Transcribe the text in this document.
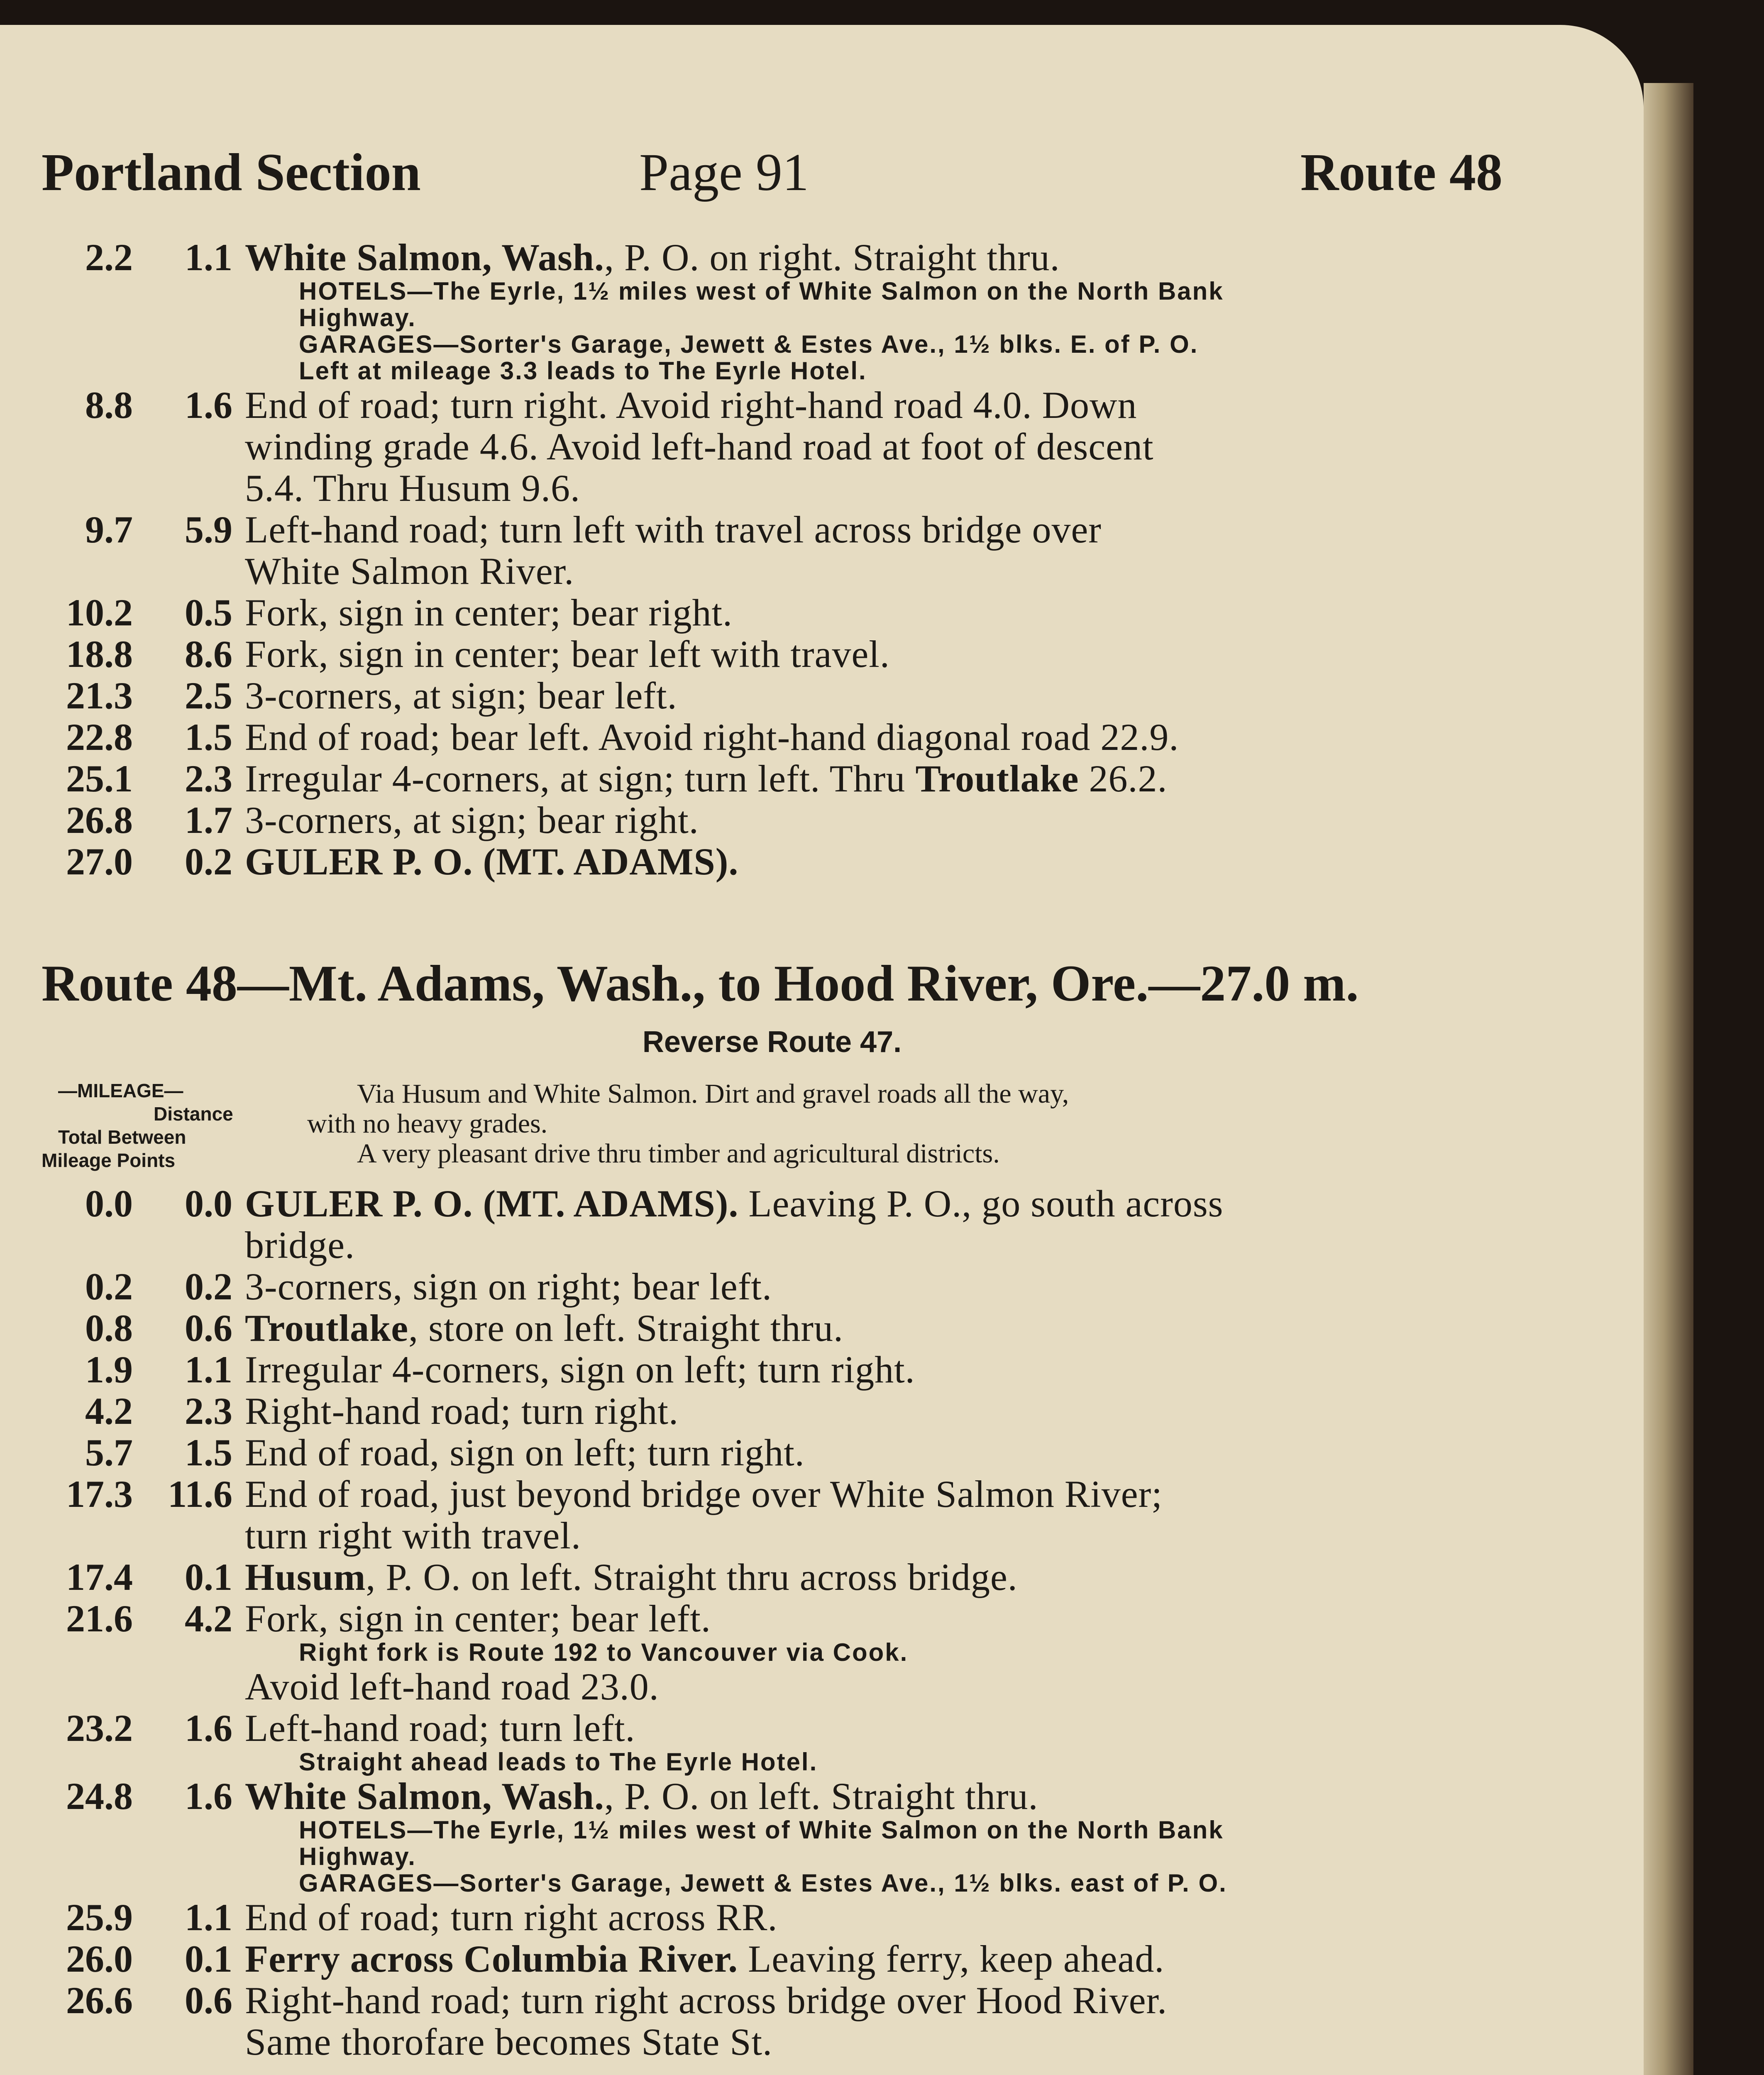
Portland Section	Page 91	Route 48
2.2	1.1 White Salmon, Wash., P. O. on right. Straight thru.
HOTELS—The Eyrle, 1½ miles west of White Salmon on the North Bank
Highway.
GARAGES—Sorter's Garage, Jewett & Estes Ave., 1½ blks. E. of P. O.
Left at mileage 3.3 leads to The Eyrle Hotel.
8.8	1.6 End of road; turn right. Avoid right-hand road 4.0. Down
winding grade 4.6. Avoid left-hand road at foot of descent
5.4. Thru Husum 9.6.
9.7	5.9 Left-hand road; turn left with travel across bridge over
White Salmon River.
10.2	0.5 Fork, sign in center; bear right.
18.8	8.6 Fork, sign in center; bear left with travel.
21.3	2.5 3-corners, at sign; bear left.
22.8	1.5 End of road; bear left. Avoid right-hand diagonal road 22.9.
25.1	2.3 Irregular 4-corners, at sign; turn left. Thru Troutlake 26.2.
26.8	1.7 3-corners, at sign; bear right.
27.0	0.2 GULER P. O. (MT. ADAMS).
Route 48—Mt. Adams, Wash., to Hood River, Ore.—27.0 m.
Reverse Route 47.
—MILEAGE—
Distance
Total Between
Mileage Points
Via Husum and White Salmon. Dirt and gravel roads all the way,
with no heavy grades.
A very pleasant drive thru timber and agricultural districts.
0.0	0.0 GULER P. O. (MT. ADAMS). Leaving P. O., go south across
bridge.
0.2	0.2 3-corners, sign on right; bear left.
0.8	0.6 Troutlake, store on left. Straight thru.
1.9	1.1 Irregular 4-corners, sign on left; turn right.
4.2	2.3 Right-hand road; turn right.
5.7	1.5 End of road, sign on left; turn right.
17.3 11.6 End of road, just beyond bridge over White Salmon River;
turn right with travel.
17.4	0.1 Husum, P. O. on left. Straight thru across bridge.
21.6	4.2 Fork, sign in center; bear left.
Right fork is Route 192 to Vancouver via Cook.
Avoid left-hand road 23.0.
23.2	1.6 Left-hand road; turn left.
Straight ahead leads to The Eyrle Hotel.
24.8	1.6 White Salmon, Wash., P. O. on left. Straight thru.
HOTELS—The Eyrle, 1½ miles west of White Salmon on the North Bank
Highway.
GARAGES—Sorter's Garage, Jewett & Estes Ave., 1½ blks. east of P. O.
25.9	1.1 End of road; turn right across RR.
26.0	0.1 Ferry across Columbia River. Leaving ferry, keep ahead.
26.6	0.6 Right-hand road; turn right across bridge over Hood River.
Same thorofare becomes State St.
